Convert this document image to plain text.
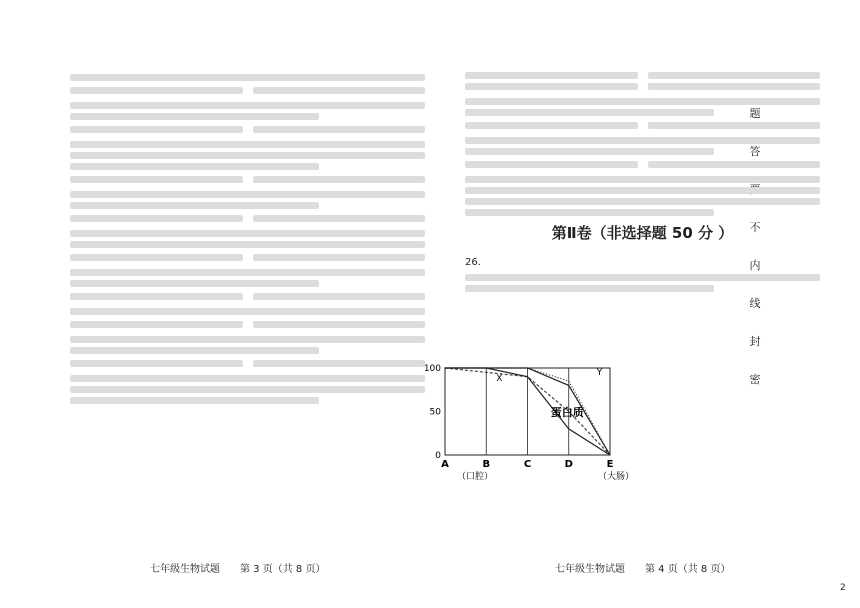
题
答
不
内
线
封
密
第Ⅱ卷（非选择题 50 分 ）
26.
A	B	C	D	E
（口腔）	（大肠）
0
50
100
X
Y
蛋白质
七年级生物试题　　第 3 页（共 8 页）	七年级生物试题　　第 4 页（共 8 页）
2
